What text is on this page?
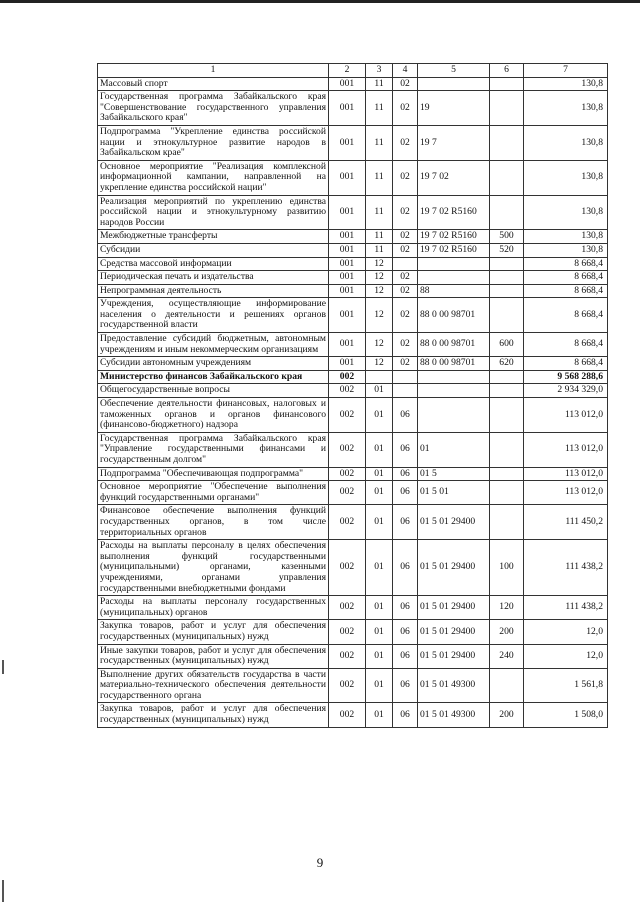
1	2	3	4	5	6	7
Массовый спорт	001	11	02			130,8
Государственная программа Забайкальского края "Совершенствование государственного управления Забайкальского края"	001	11	02	19		130,8
Подпрограмма "Укрепление единства российской нации и этнокультурное развитие народов в Забайкальском крае"	001	11	02	19 7		130,8
Основное мероприятие "Реализация комплексной информационной кампании, направленной на укрепление единства российской нации"	001	11	02	19 7 02		130,8
Реализация мероприятий по укреплению единства российской нации и этнокультурному развитию народов России	001	11	02	19 7 02 R5160		130,8
Межбюджетные трансферты	001	11	02	19 7 02 R5160	500	130,8
Субсидии	001	11	02	19 7 02 R5160	520	130,8
Средства массовой информации	001	12				8 668,4
Периодическая печать и издательства	001	12	02			8 668,4
Непрограммная деятельность	001	12	02	88		8 668,4
Учреждения, осуществляющие информирование населения о деятельности и решениях органов государственной власти	001	12	02	88 0 00 98701		8 668,4
Предоставление субсидий бюджетным, автономным учреждениям и иным некоммерческим организациям	001	12	02	88 0 00 98701	600	8 668,4
Субсидии автономным учреждениям	001	12	02	88 0 00 98701	620	8 668,4
Министерство финансов Забайкальского края	002					9 568 288,6
Общегосударственные вопросы	002	01				2 934 329,0
Обеспечение деятельности финансовых, налоговых и таможенных органов и органов финансового (финансово-бюджетного) надзора	002	01	06			113 012,0
Государственная программа Забайкальского края "Управление государственными финансами и государственным долгом"	002	01	06	01		113 012,0
Подпрограмма "Обеспечивающая подпрограмма"	002	01	06	01 5		113 012,0
Основное мероприятие "Обеспечение выполнения функций государственными органами"	002	01	06	01 5 01		113 012,0
Финансовое обеспечение выполнения функций государственных органов, в том числе территориальных органов	002	01	06	01 5 01 29400		111 450,2
Расходы на выплаты персоналу в целях обеспечения выполнения функций государственными (муниципальными) органами, казенными учреждениями, органами управления государственными внебюджетными фондами	002	01	06	01 5 01 29400	100	111 438,2
Расходы на выплаты персоналу государственных (муниципальных) органов	002	01	06	01 5 01 29400	120	111 438,2
Закупка товаров, работ и услуг для обеспечения государственных (муниципальных) нужд	002	01	06	01 5 01 29400	200	12,0
Иные закупки товаров, работ и услуг для обеспечения государственных (муниципальных) нужд	002	01	06	01 5 01 29400	240	12,0
Выполнение других обязательств государства в части материально-технического обеспечения деятельности государственного органа	002	01	06	01 5 01 49300		1 561,8
Закупка товаров, работ и услуг для обеспечения государственных (муниципальных) нужд	002	01	06	01 5 01 49300	200	1 508,0
9
